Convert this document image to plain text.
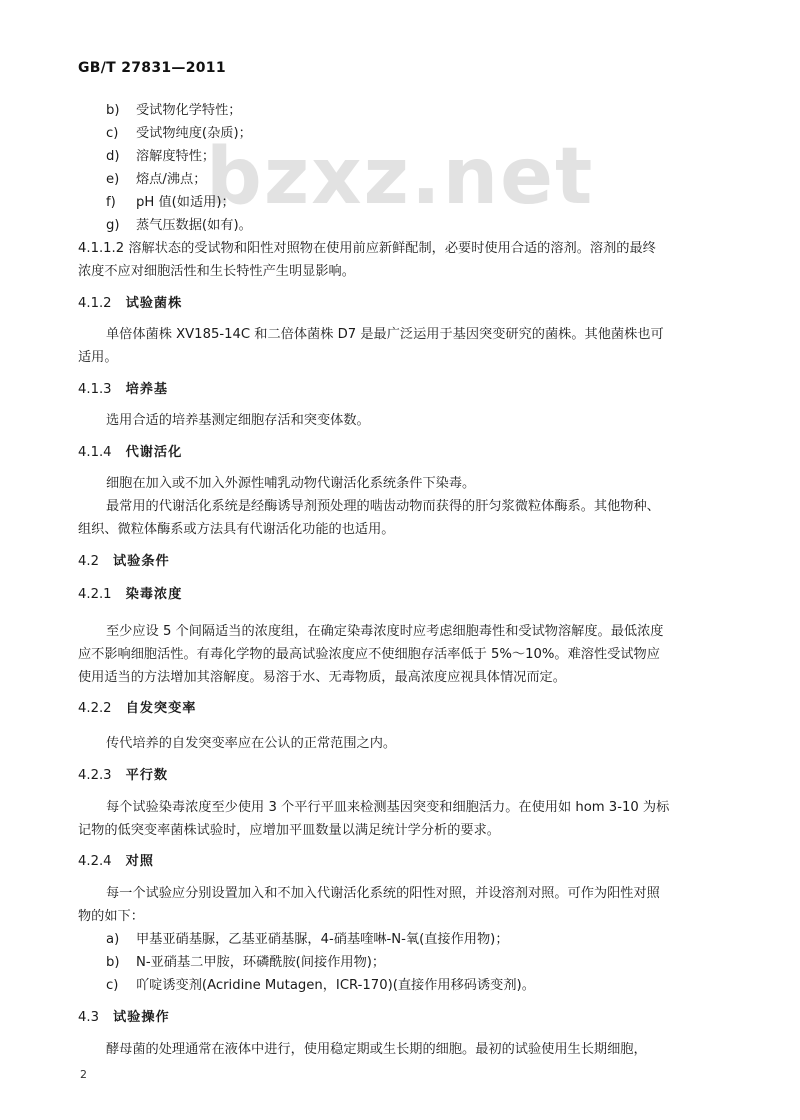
GB/T 27831—2011
bzxz.net
b) 受试物化学特性；
c) 受试物纯度(杂质)；
d) 溶解度特性；
e) 熔点/沸点；
f) pH 值(如适用)；
g) 蒸气压数据(如有)。
4.1.1.2 溶解状态的受试物和阳性对照物在使用前应新鲜配制，必要时使用合适的溶剂。溶剂的最终
浓度不应对细胞活性和生长特性产生明显影响。
4.1.2 试验菌株
单倍体菌株 XV185-14C 和二倍体菌株 D7 是最广泛运用于基因突变研究的菌株。其他菌株也可
适用。
4.1.3 培养基
选用合适的培养基测定细胞存活和突变体数。
4.1.4 代谢活化
细胞在加入或不加入外源性哺乳动物代谢活化系统条件下染毒。
最常用的代谢活化系统是经酶诱导剂预处理的啮齿动物而获得的肝匀浆微粒体酶系。其他物种、
组织、微粒体酶系或方法具有代谢活化功能的也适用。
4.2 试验条件
4.2.1 染毒浓度
至少应设 5 个间隔适当的浓度组，在确定染毒浓度时应考虑细胞毒性和受试物溶解度。最低浓度
应不影响细胞活性。有毒化学物的最高试验浓度应不使细胞存活率低于 5%～10%。难溶性受试物应
使用适当的方法增加其溶解度。易溶于水、无毒物质，最高浓度应视具体情况而定。
4.2.2 自发突变率
传代培养的自发突变率应在公认的正常范围之内。
4.2.3 平行数
每个试验染毒浓度至少使用 3 个平行平皿来检测基因突变和细胞活力。在使用如 hom 3-10 为标
记物的低突变率菌株试验时，应增加平皿数量以满足统计学分析的要求。
4.2.4 对照
每一个试验应分别设置加入和不加入代谢活化系统的阳性对照，并设溶剂对照。可作为阳性对照
物的如下：
a) 甲基亚硝基脲，乙基亚硝基脲，4-硝基喹啉-N-氧(直接作用物)；
b) N-亚硝基二甲胺，环磷酰胺(间接作用物)；
c) 吖啶诱变剂(Acridine Mutagen，ICR-170)(直接作用移码诱变剂)。
4.3 试验操作
酵母菌的处理通常在液体中进行，使用稳定期或生长期的细胞。最初的试验使用生长期细胞，
2
